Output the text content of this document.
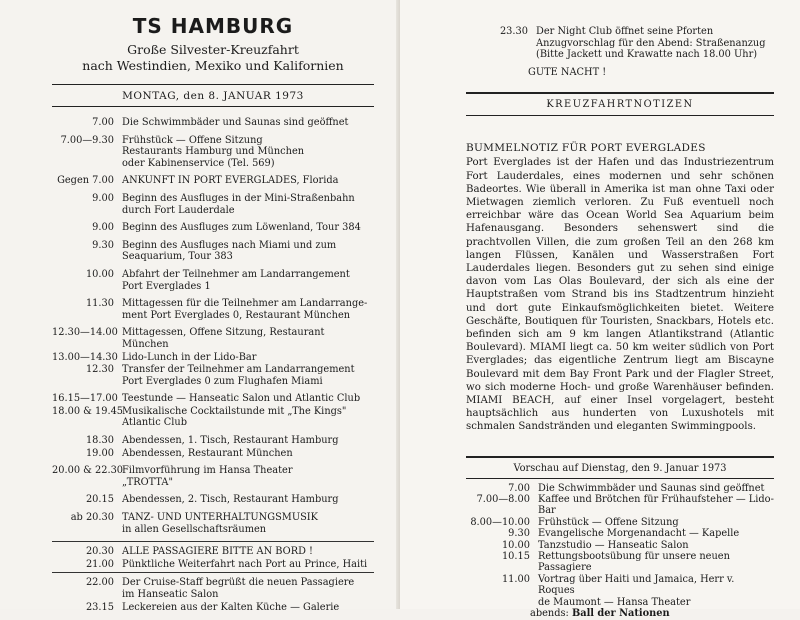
TS HAMBURG
Große Silvester-Kreuzfahrt
nach Westindien, Mexiko und Kalifornien
MONTAG, den 8. JANUAR 1973
7.00 Die Schwimmbäder und Saunas sind geöffnet
7.00—9.30 Frühstück — Offene Sitzung
Restaurants Hamburg und München
oder Kabinenservice (Tel. 569)
Gegen 7.00 ANKUNFT IN PORT EVERGLADES, Florida
9.00 Beginn des Ausfluges in der Mini-Straßenbahn
durch Fort Lauderdale
9.00 Beginn des Ausfluges zum Löwenland, Tour 384
9.30 Beginn des Ausfluges nach Miami und zum
Seaquarium, Tour 383
10.00 Abfahrt der Teilnehmer am Landarrangement
Port Everglades 1
11.30 Mittagessen für die Teilnehmer am Landarrange-
ment Port Everglades 0, Restaurant München
12.30—14.00 Mittagessen, Offene Sitzung, Restaurant München
13.00—14.30 Lido-Lunch in der Lido-Bar
12.30 Transfer der Teilnehmer am Landarrangement
Port Everglades 0 zum Flughafen Miami
16.15—17.00 Teestunde — Hanseatic Salon und Atlantic Club
18.00 & 19.45
Musikalische Cocktailstunde mit „The Kings"
Atlantic Club
18.30 Abendessen, 1. Tisch, Restaurant Hamburg
19.00 Abendessen, Restaurant München
20.00 & 22.30
Filmvorführung im Hansa Theater
„TROTTA"
20.15 Abendessen, 2. Tisch, Restaurant Hamburg
ab 20.30 TANZ- UND UNTERHALTUNGSMUSIK
in allen Gesellschaftsräumen
20.30 ALLE PASSAGIERE BITTE AN BORD !
21.00 Pünktliche Weiterfahrt nach Port au Prince, Haiti
22.00 Der Cruise-Staff begrüßt die neuen Passagiere
im Hanseatic Salon
23.15 Leckereien aus der Kalten Küche — Galerie
23.30 Der Night Club öffnet seine Pforten
Anzugvorschlag für den Abend: Straßenanzug
(Bitte Jackett und Krawatte nach 18.00 Uhr)
GUTE NACHT !
KREUZFAHRTNOTIZEN
BUMMELNOTIZ FÜR PORT EVERGLADES
Port Everglades ist der Hafen und das Industriezentrum Fort Lauderdales, eines modernen und sehr schönen Badeortes. Wie überall in Amerika ist man ohne Taxi oder Mietwagen ziemlich verloren. Zu Fuß eventuell noch erreichbar wäre das Ocean World Sea Aquarium beim Hafenausgang. Besonders sehenswert sind die prachtvollen Villen, die zum großen Teil an den 268 km langen Flüssen, Kanälen und Wasserstraßen Fort Lauderdales liegen. Besonders gut zu sehen sind einige davon vom Las Olas Boulevard, der sich als eine der Hauptstraßen vom Strand bis ins Stadtzentrum hinzieht und dort gute Einkaufsmöglichkeiten bietet. Weitere Geschäfte, Boutiquen für Touristen, Snackbars, Hotels etc. befinden sich am 9 km langen Atlantikstrand (Atlantic Boulevard). MIAMI liegt ca. 50 km weiter südlich von Port Everglades; das eigentliche Zentrum liegt am Biscayne Boulevard mit dem Bay Front Park und der Flagler Street, wo sich moderne Hoch- und große Warenhäuser befinden. MIAMI BEACH, auf einer Insel vorgelagert, besteht hauptsächlich aus hunderten von Luxushotels mit schmalen Sandstränden und eleganten Swimmingpools.
Vorschau auf Dienstag, den 9. Januar 1973
7.00 Die Schwimmbäder und Saunas sind geöffnet
7.00—8.00 Kaffee und Brötchen für Frühaufsteher — Lido-Bar
8.00—10.00 Frühstück — Offene Sitzung
9.30 Evangelische Morgenandacht — Kapelle
10.00 Tanzstudio — Hanseatic Salon
10.15 Rettungsbootsübung für unsere neuen Passagiere
11.00 Vortrag über Haiti und Jamaica, Herr v. Roques
de Maumont — Hansa Theater
abends: Ball der Nationen
